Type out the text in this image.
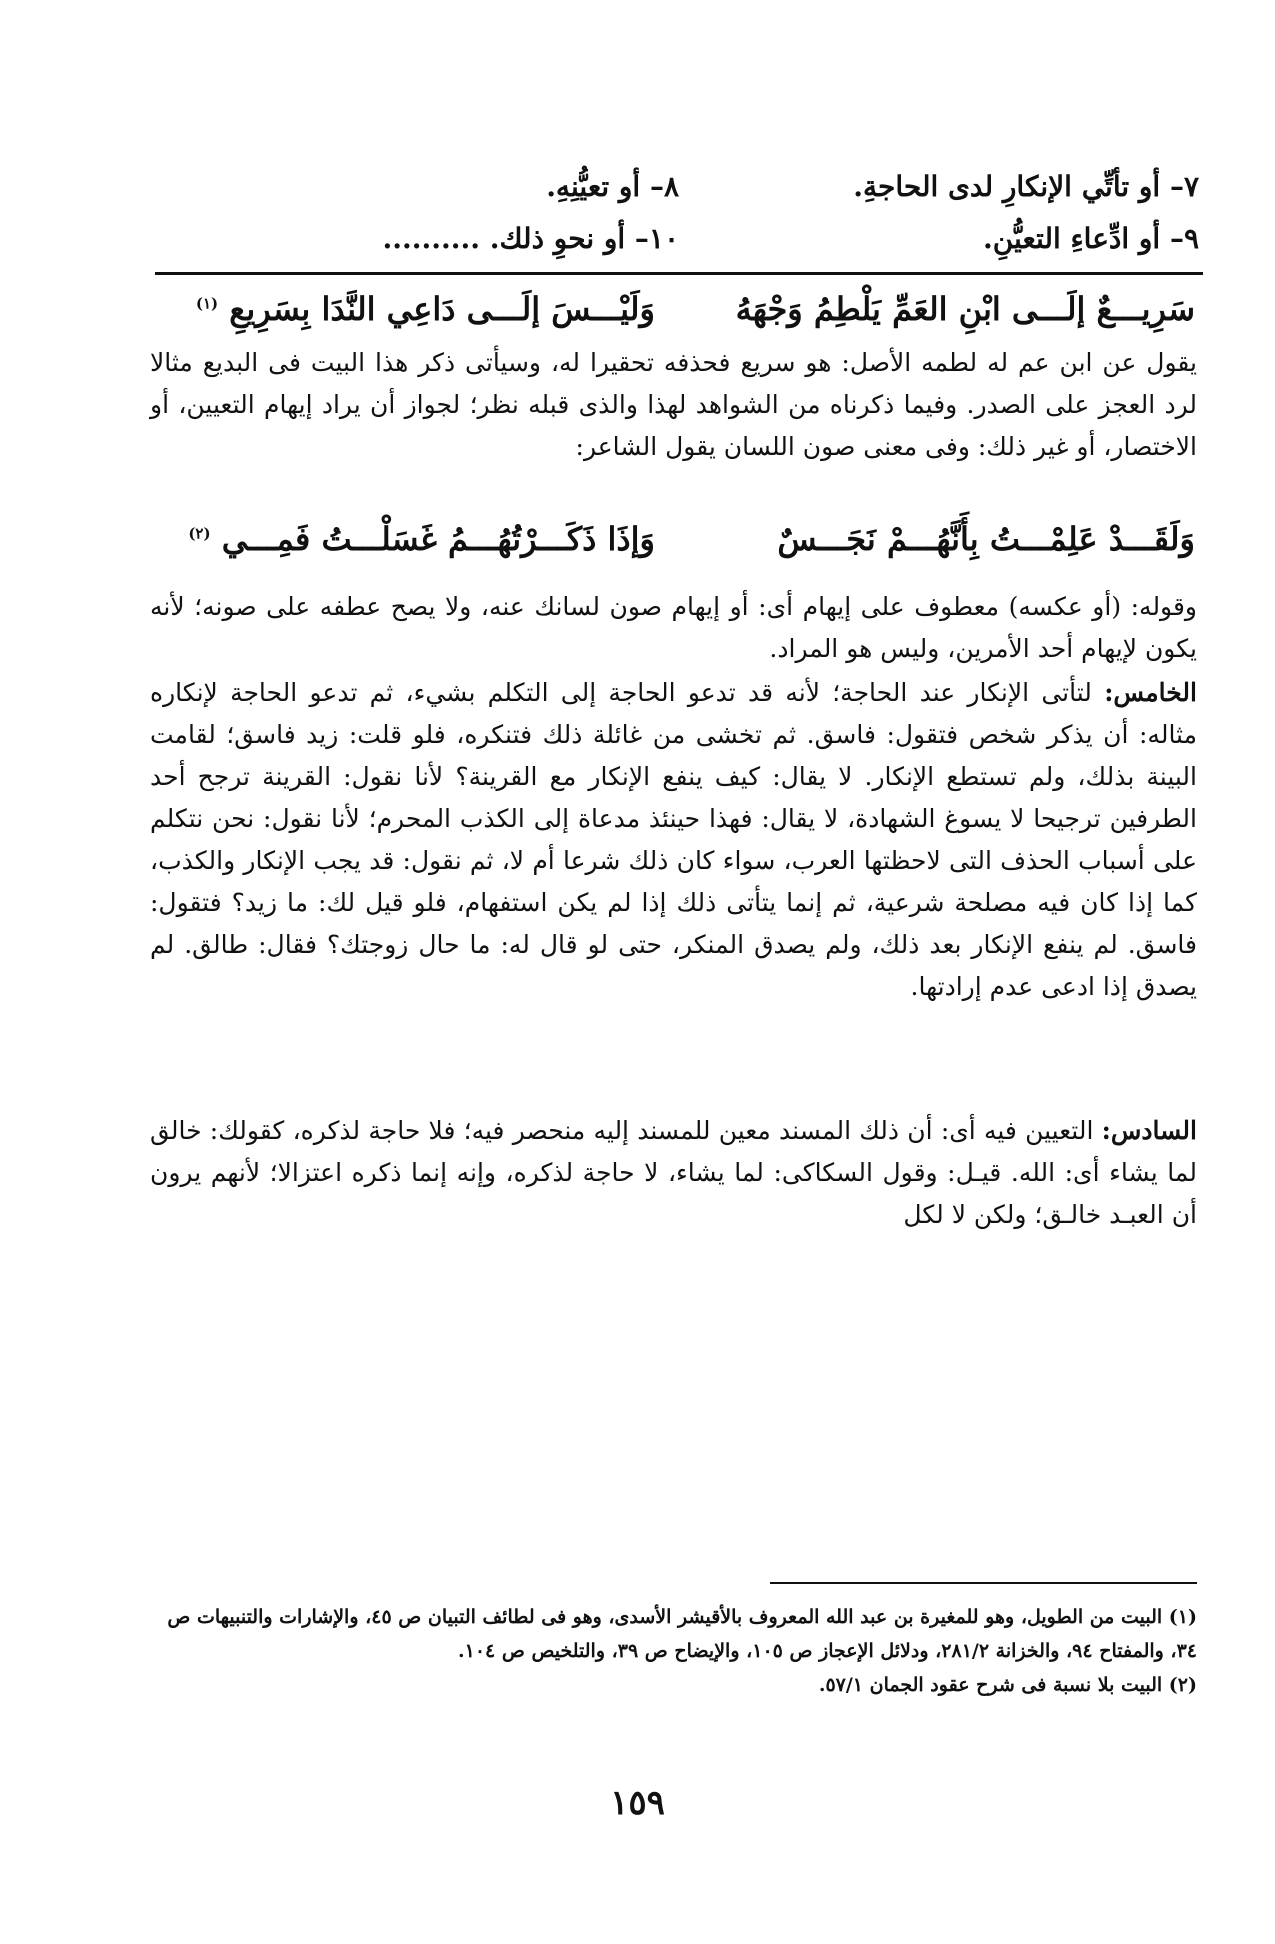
٧– أو تأتِّي الإنكارِ لدى الحاجةِ.
٨– أو تعيُّنِهِ.
٩– أو ادِّعاءِ التعيُّنِ.
١٠– أو نحوِ ذلك. ..........
سَرِيـــعٌ إلَـــى ابْنِ العَمِّ يَلْطِمُ وَجْهَهُ
وَلَيْـــسَ إلَـــى دَاعِي النَّدَا بِسَرِيعِ $^{(١)}$

يقول عن ابن عم له لطمه الأصل: هو سريع فحذفه تحقيرا له، وسيأتى ذكر هذا البيت فى البديع مثالا لرد العجز على الصدر. وفيما ذكرناه من الشواهد لهذا والذى قبله نظر؛ لجواز أن يراد إيهام التعيين، أو الاختصار، أو غير ذلك: وفى معنى صون اللسان يقول الشاعر:

وَلَقَـــدْ عَلِمْـــتُ بِأَنَّهُـــمْ نَجَـــسٌ
وَإذَا ذَكَـــرْتُهُـــمُ غَسَلْـــتُ فَمِـــي $^{(٢)}$

وقوله: (أو عكسه) معطوف على إيهام أى: أو إيهام صون لسانك عنه، ولا يصح عطفه على صونه؛ لأنه يكون لإيهام أحد الأمرين، وليس هو المراد.

الخامس: لتأتى الإنكار عند الحاجة؛ لأنه قد تدعو الحاجة إلى التكلم بشيء، ثم تدعو الحاجة لإنكاره مثاله: أن يذكر شخص فتقول: فاسق. ثم تخشى من غائلة ذلك فتنكره، فلو قلت: زيد فاسق؛ لقامت البينة بذلك، ولم تستطع الإنكار. لا يقال: كيف ينفع الإنكار مع القرينة؟ لأنا نقول: القرينة ترجح أحد الطرفين ترجيحا لا يسوغ الشهادة، لا يقال: فهذا حينئذ مدعاة إلى الكذب المحرم؛ لأنا نقول: نحن نتكلم على أسباب الحذف التى لاحظتها العرب، سواء كان ذلك شرعا أم لا، ثم نقول: قد يجب الإنكار والكذب، كما إذا كان فيه مصلحة شرعية، ثم إنما يتأتى ذلك إذا لم يكن استفهام، فلو قيل لك: ما زيد؟ فتقول: فاسق. لم ينفع الإنكار بعد ذلك، ولم يصدق المنكر، حتى لو قال له: ما حال زوجتك؟ فقال: طالق. لم يصدق إذا ادعى عدم إرادتها.

السادس: التعيين فيه أى: أن ذلك المسند معين للمسند إليه منحصر فيه؛ فلا حاجة لذكره، كقولك: خالق لما يشاء أى: الله. قيـل: وقول السكاكى: لما يشاء، لا حاجة لذكره، وإنه إنما ذكره اعتزالا؛ لأنهم يرون أن العبـد خالـق؛ ولكن لا لكل

(١) البيت من الطويل، وهو للمغيرة بن عبد الله المعروف بالأقيشر الأسدى، وهو فى لطائف التبيان ص ٤٥، والإشارات والتنبيهات ص ٣٤، والمفتاح ٩٤، والخزانة ٢٨١/٢، ودلائل الإعجاز ص ١٠٥، والإيضاح ص ٣٩، والتلخيص ص ١٠٤.

(٢) البيت بلا نسبة فى شرح عقود الجمان ٥٧/١.

١٥٩
